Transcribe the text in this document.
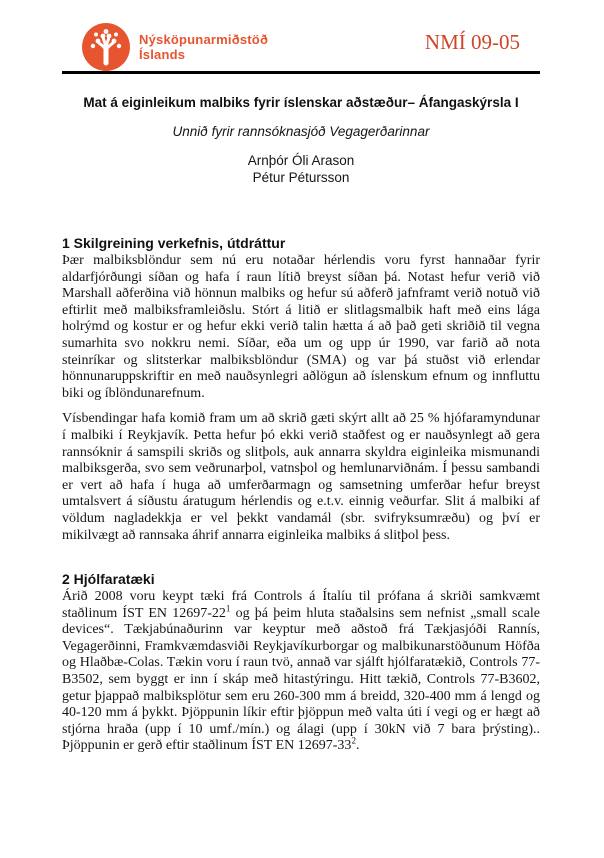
Nýsköpunarmiðstöð
Íslands
NMÍ 09-05
Mat á eiginleikum malbiks fyrir íslenskar aðstæður– Áfangaskýrsla I
Unnið fyrir rannsóknasjóð Vegagerðarinnar
Arnþór Óli Arason
Pétur Pétursson
1 Skilgreining verkefnis, útdráttur

Þær malbiksblöndur sem nú eru notaðar hérlendis voru fyrst hannaðar fyrir aldarfjórðungi síðan og hafa í raun lítið breyst síðan þá. Notast hefur verið við Marshall aðferðina við hönnun malbiks og hefur sú aðferð jafnframt verið notuð við eftirlit með malbiksframleiðslu. Stórt á litið er slitlagsmalbik haft með eins lága holrýmd og kostur er og hefur ekki verið talin hætta á að það geti skriðið til vegna sumarhita svo nokkru nemi. Síðar, eða um og upp úr 1990, var farið að nota steinríkar og slitsterkar malbiksblöndur (SMA) og var þá stuðst við erlendar hönnunaruppskriftir en með nauðsynlegri aðlögun að íslenskum efnum og innfluttu biki og íblöndunarefnum.

Vísbendingar hafa komið fram um að skrið gæti skýrt allt að 25 % hjófaramyndunar í malbiki í Reykjavík. Þetta hefur þó ekki verið staðfest og er nauðsynlegt að gera rannsóknir á samspili skriðs og slitþols, auk annarra skyldra eiginleika mismunandi malbiksgerða, svo sem veðrunarþol, vatnsþol og hemlunarviðnám. Í þessu sambandi er vert að hafa í huga að umferðarmagn og samsetning umferðar hefur breyst umtalsvert á síðustu áratugum hérlendis og e.t.v. einnig veðurfar. Slit á malbiki af völdum nagladekkja er vel þekkt vandamál (sbr. svifryksumræðu) og því er mikilvægt að rannsaka áhrif annarra eiginleika malbiks á slitþol þess.

2 Hjólfaratæki

Árið 2008 voru keypt tæki frá Controls á Ítalíu til prófana á skriði samkvæmt staðlinum ÍST EN $12697-22^1$ og þá þeim hluta staðalsins sem nefnist „small scale devices“. Tækjabúnaðurinn var keyptur með aðstoð frá Tækjasjóði Rannís, Vegagerðinni, Framkvæmdasviði Reykjavíkurborgar og malbikunarstöðunum Höfða og Hlaðbæ-Colas. Tækin voru í raun tvö, annað var sjálft hjólfaratækið, Controls 77-B3502, sem byggt er inn í skáp með hitastýringu. Hitt tækið, Controls 77-B3602, getur þjappað malbiksplötur sem eru 260-300 mm á breidd, 320-400 mm á lengd og 40-120 mm á þykkt. Þjöppunin líkir eftir þjöppun með valta úti í vegi og er hægt að stjórna hraða (upp í 10 umf./mín.) og álagi (upp í 30kN við 7 bara þrýsting).. Þjöppunin er gerð eftir staðlinum ÍST EN $12697-33^2$.
